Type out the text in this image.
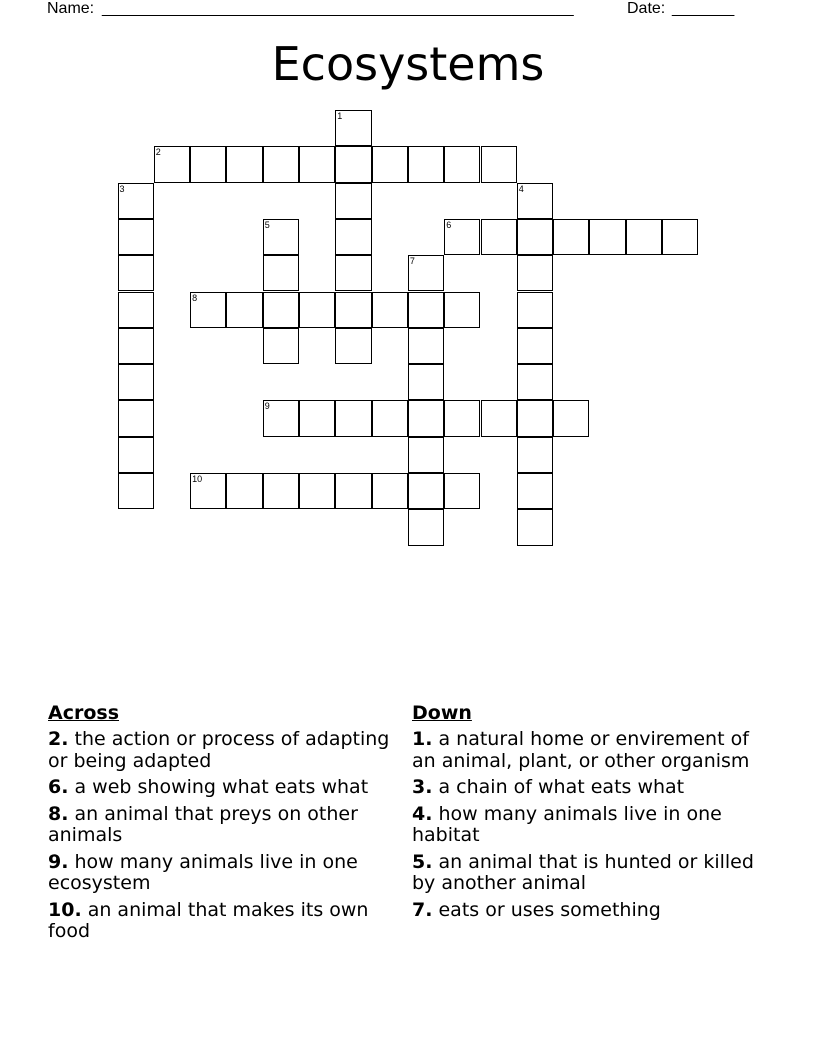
Name: _____________________________________________________	Date: _______
Ecosystems
1
2
3	4
5	6
7
8
9
10
Across
2. the action or process of adapting or being adapted
6. a web showing what eats what
8. an animal that preys on other animals
9. how many animals live in one ecosystem
10. an animal that makes its own food
Down
1. a natural home or envirement of an animal, plant, or other organism
3. a chain of what eats what
4. how many animals live in one habitat
5. an animal that is hunted or killed by another animal
7. eats or uses something
